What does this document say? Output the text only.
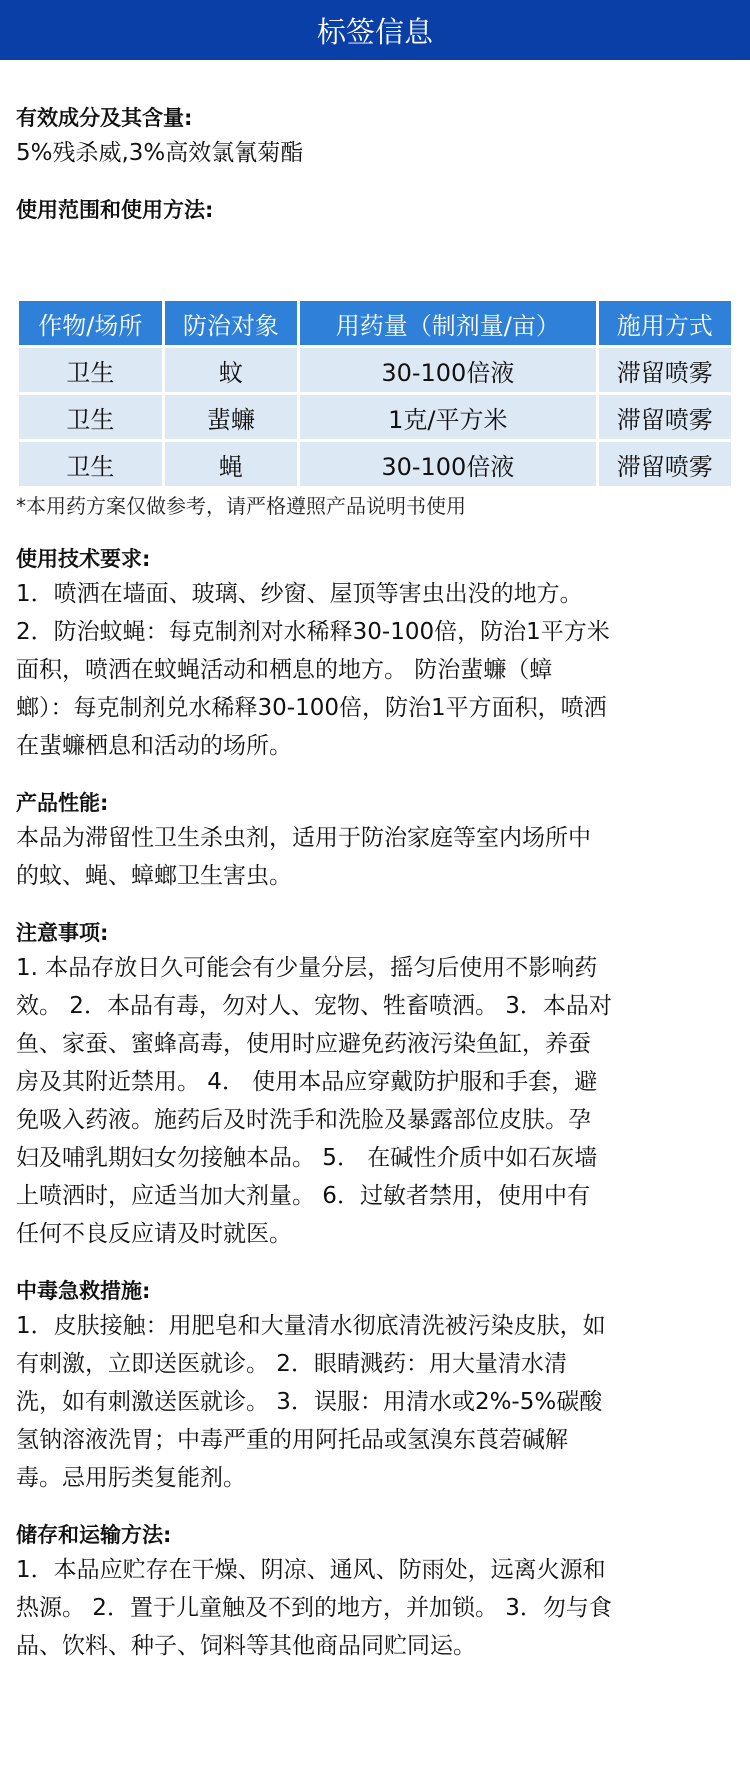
标签信息

有效成分及其含量:

5%残杀威,3%高效氯氰菊酯

使用范围和使用方法:

作物/场所	防治对象	用药量（制剂量/亩）	施用方式
卫生	蚊	30-100倍液	滞留喷雾
卫生	蜚蠊	1克/平方米	滞留喷雾
卫生	蝇	30-100倍液	滞留喷雾
*本用药方案仅做参考，请严格遵照产品说明书使用

使用技术要求:

1．喷洒在墙面、玻璃、纱窗、屋顶等害虫出没的地方。

2．防治蚊蝇：每克制剂对水稀释30-100倍，防治1平方米

面积，喷洒在蚊蝇活动和栖息的地方。 防治蜚蠊（蟑

螂）：每克制剂兑水稀释30-100倍，防治1平方面积，喷洒

在蜚蠊栖息和活动的场所。

产品性能:

本品为滞留性卫生杀虫剂，适用于防治家庭等室内场所中

的蚊、蝇、蟑螂卫生害虫。

注意事项:

1. 本品存放日久可能会有少量分层，摇匀后使用不影响药

效。 2．本品有毒，勿对人、宠物、牲畜喷洒。 3．本品对

鱼、家蚕、蜜蜂高毒，使用时应避免药液污染鱼缸，养蚕

房及其附近禁用。 4． 使用本品应穿戴防护服和手套，避

免吸入药液。施药后及时洗手和洗脸及暴露部位皮肤。孕

妇及哺乳期妇女勿接触本品。 5． 在碱性介质中如石灰墙

上喷洒时，应适当加大剂量。 6．过敏者禁用，使用中有

任何不良反应请及时就医。

中毒急救措施:

1．皮肤接触：用肥皂和大量清水彻底清洗被污染皮肤，如

有刺激，立即送医就诊。 2．眼睛溅药：用大量清水清

洗，如有刺激送医就诊。 3．误服：用清水或2%-5%碳酸

氢钠溶液洗胃；中毒严重的用阿托品或氢溴东莨菪碱解

毒。忌用肟类复能剂。

储存和运输方法:

1．本品应贮存在干燥、阴凉、通风、防雨处，远离火源和

热源。 2．置于儿童触及不到的地方，并加锁。 3．勿与食

品、饮料、种子、饲料等其他商品同贮同运。
